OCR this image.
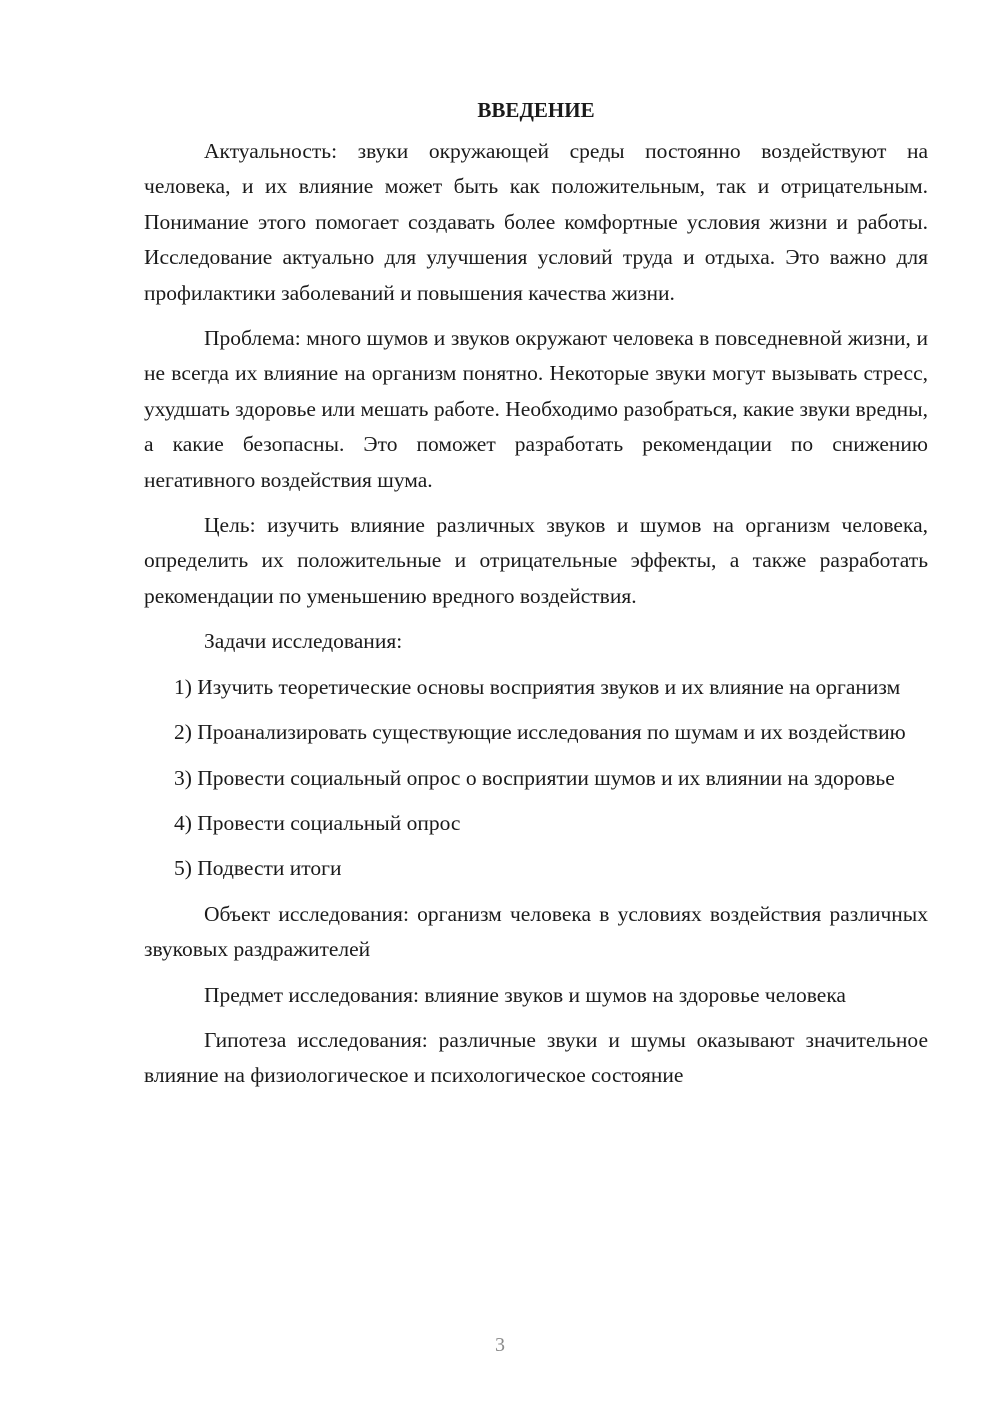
ВВЕДЕНИЕ

Актуальность: звуки окружающей среды постоянно воздействуют на человека, и их влияние может быть как положительным, так и отрицательным. Понимание этого помогает создавать более комфортные условия жизни и работы. Исследование актуально для улучшения условий труда и отдыха. Это важно для профилактики заболеваний и повышения качества жизни.

Проблема: много шумов и звуков окружают человека в повседневной жизни, и не всегда их влияние на организм понятно. Некоторые звуки могут вызывать стресс, ухудшать здоровье или мешать работе. Необходимо разобраться, какие звуки вредны, а какие безопасны. Это поможет разработать рекомендации по снижению негативного воздействия шума.

Цель: изучить влияние различных звуков и шумов на организм человека, определить их положительные и отрицательные эффекты, а также разработать рекомендации по уменьшению вредного воздействия.

Задачи исследования:

1) Изучить теоретические основы восприятия звуков и их влияние на организм

2) Проанализировать существующие исследования по шумам и их воздействию

3) Провести социальный опрос о восприятии шумов и их влиянии на здоровье

4) Провести социальный опрос

5) Подвести итоги

Объект исследования: организм человека в условиях воздействия различных звуковых раздражителей

Предмет исследования: влияние звуков и шумов на здоровье человека

Гипотеза исследования: различные звуки и шумы оказывают значительное влияние на физиологическое и психологическое состояние

3
